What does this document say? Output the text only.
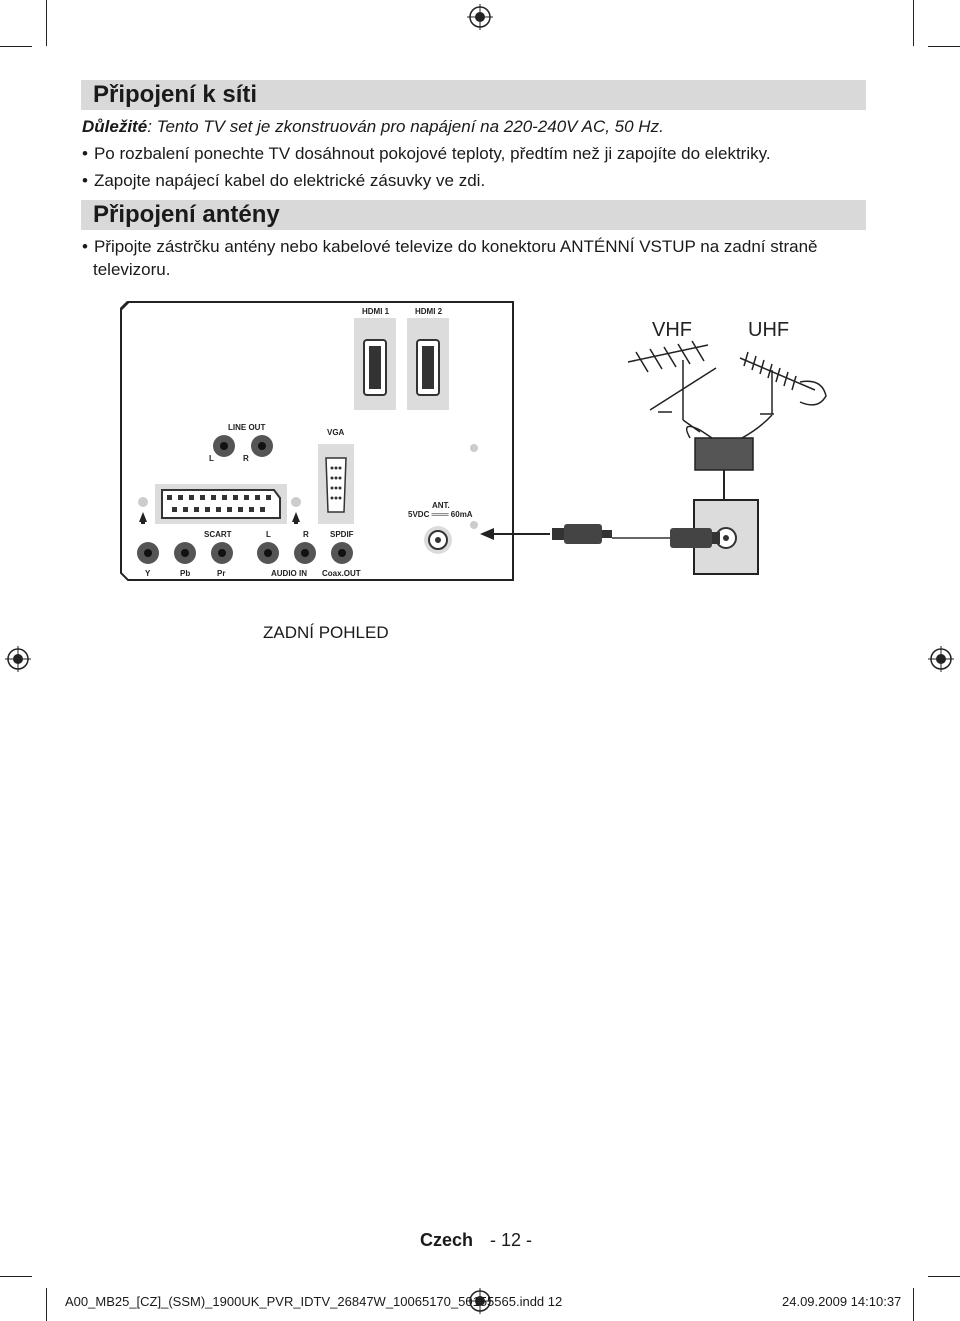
Připojení k síti
Důležité: Tento TV set je zkonstruován pro napájení na 220-240V AC, 50 Hz.
• Po rozbalení ponechte TV dosáhnout pokojové teploty, předtím než ji zapojíte do elektriky.
• Zapojte napájecí kabel do elektrické zásuvky ve zdi.
Připojení antény
• Připojte zástrčku antény nebo kabelové televize do konektoru ANTÉNNÍ VSTUP na zadní straně
televizoru.
HDMI 1	HDMI 2
LINE OUT
L	R
VGA
SCART	L	R	SPDIF
ANT.
5VDC ═══ 60mA
Y	Pb	Pr	AUDIO IN Coax.OUT
VHF	UHF
ZADNÍ POHLED
Czech - 12 -
A00_MB25_[CZ]_(SSM)_1900UK_PVR_IDTV_26847W_10065170_50155565.indd 12	24.09.2009 14:10:37
